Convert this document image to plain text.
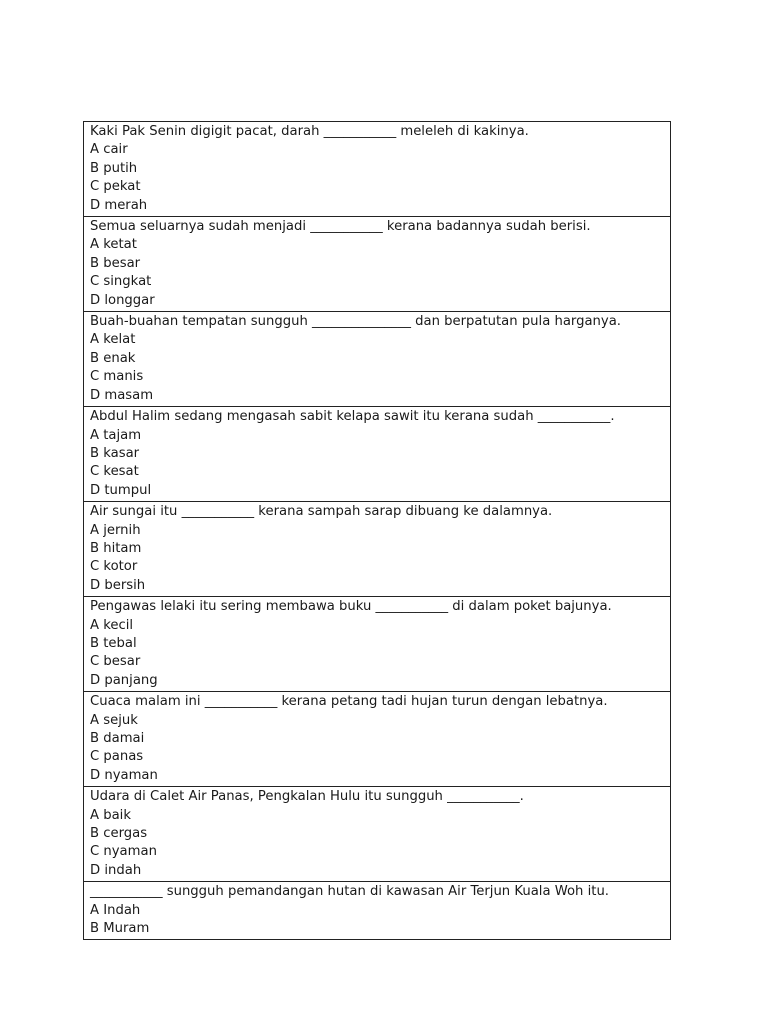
Kaki Pak Senin digigit pacat, darah ___________ meleleh di kakinya.

A cair

B putih

C pekat

D merah

Semua seluarnya sudah menjadi ___________ kerana badannya sudah berisi.

A ketat

B besar

C singkat

D longgar

Buah-buahan tempatan sungguh _______________ dan berpatutan pula harganya.

A kelat

B enak

C manis

D masam

Abdul Halim sedang mengasah sabit kelapa sawit itu kerana sudah ___________.

A tajam

B kasar

C kesat

D tumpul

Air sungai itu ___________ kerana sampah sarap dibuang ke dalamnya.

A jernih

B hitam

C kotor

D bersih

Pengawas lelaki itu sering membawa buku ___________ di dalam poket bajunya.

A kecil

B tebal

C besar

D panjang

Cuaca malam ini ___________ kerana petang tadi hujan turun dengan lebatnya.

A sejuk

B damai

C panas

D nyaman

Udara di Calet Air Panas, Pengkalan Hulu itu sungguh ___________.

A baik

B cergas

C nyaman

D indah

___________ sungguh pemandangan hutan di kawasan Air Terjun Kuala Woh itu.

A Indah

B Muram
